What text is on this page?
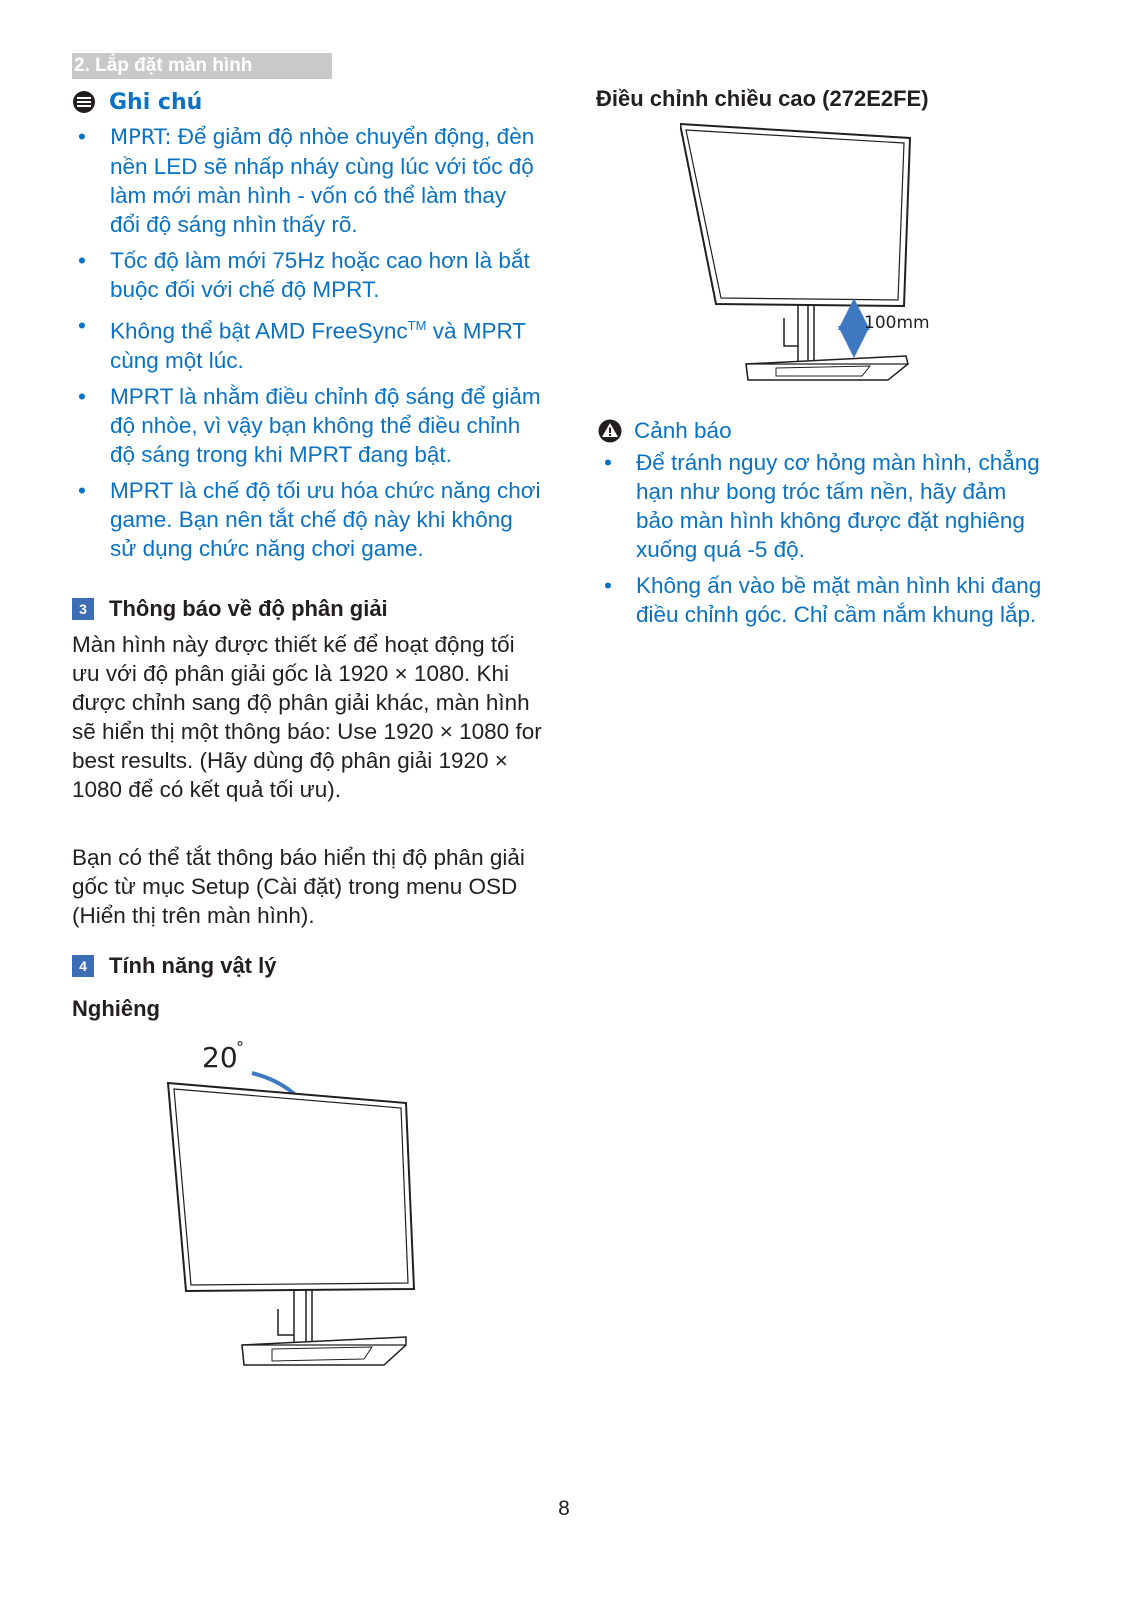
2. Lắp đặt màn hình
Ghi chú
• MPRT: Để giảm độ nhòe chuyển động, đèn nền LED sẽ nhấp nháy cùng lúc với tốc độ làm mới màn hình - vốn có thể làm thay đổi độ sáng nhìn thấy rõ.
• Tốc độ làm mới 75Hz hoặc cao hơn là bắt buộc đối với chế độ MPRT.
• Không thể bật AMD FreeSync™ và MPRT cùng một lúc.
• MPRT là nhằm điều chỉnh độ sáng để giảm độ nhòe, vì vậy bạn không thể điều chỉnh độ sáng trong khi MPRT đang bật.
• MPRT là chế độ tối ưu hóa chức năng chơi game. Bạn nên tắt chế độ này khi không sử dụng chức năng chơi game.
3	Thông báo về độ phân giải

Màn hình này được thiết kế để hoạt động tối ưu với độ phân giải gốc là 1920 × 1080. Khi được chỉnh sang độ phân giải khác, màn hình sẽ hiển thị một thông báo: Use 1920 × 1080 for best results. (Hãy dùng độ phân giải 1920 × 1080 để có kết quả tối ưu).

Bạn có thể tắt thông báo hiển thị độ phân giải gốc từ mục Setup (Cài đặt) trong menu OSD (Hiển thị trên màn hình).

4	Tính năng vật lý
Nghiêng
20
°
Điều chỉnh chiều cao (272E2FE)
100mm
Cảnh báo
• Để tránh nguy cơ hỏng màn hình, chẳng hạn như bong tróc tấm nền, hãy đảm bảo màn hình không được đặt nghiêng xuống quá -5 độ.
• Không ấn vào bề mặt màn hình khi đang điều chỉnh góc. Chỉ cầm nắm khung lắp.
8
